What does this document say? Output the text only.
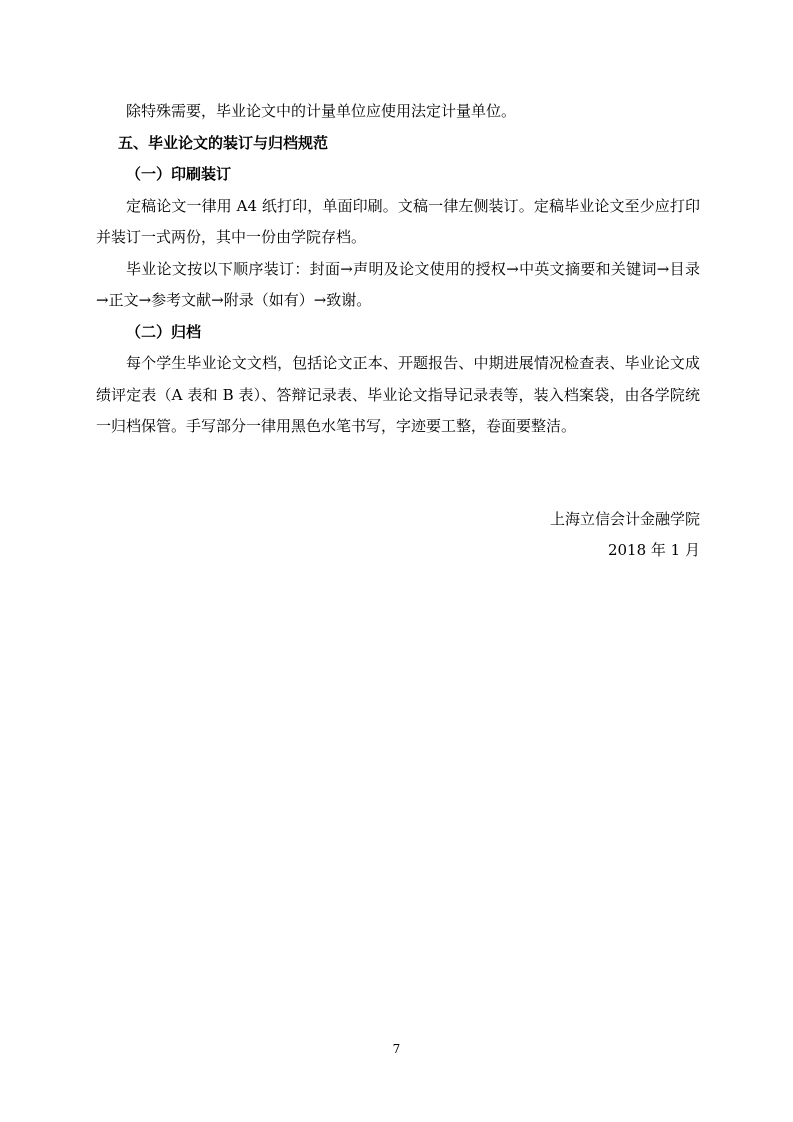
除特殊需要，毕业论文中的计量单位应使用法定计量单位。

五、毕业论文的装订与归档规范

（一）印刷装订

定稿论文一律用 A4 纸打印，单面印刷。文稿一律左侧装订。定稿毕业论文至少应打印并装订一式两份，其中一份由学院存档。

毕业论文按以下顺序装订：封面→声明及论文使用的授权→中英文摘要和关键词→目录→正文→参考文献→附录（如有）→致谢。

（二）归档

每个学生毕业论文文档，包括论文正本、开题报告、中期进展情况检查表、毕业论文成绩评定表（A 表和 B 表）、答辩记录表、毕业论文指导记录表等，装入档案袋，由各学院统一归档保管。手写部分一律用黑色水笔书写，字迹要工整，卷面要整洁。

上海立信会计金融学院
2018 年 1 月
7
